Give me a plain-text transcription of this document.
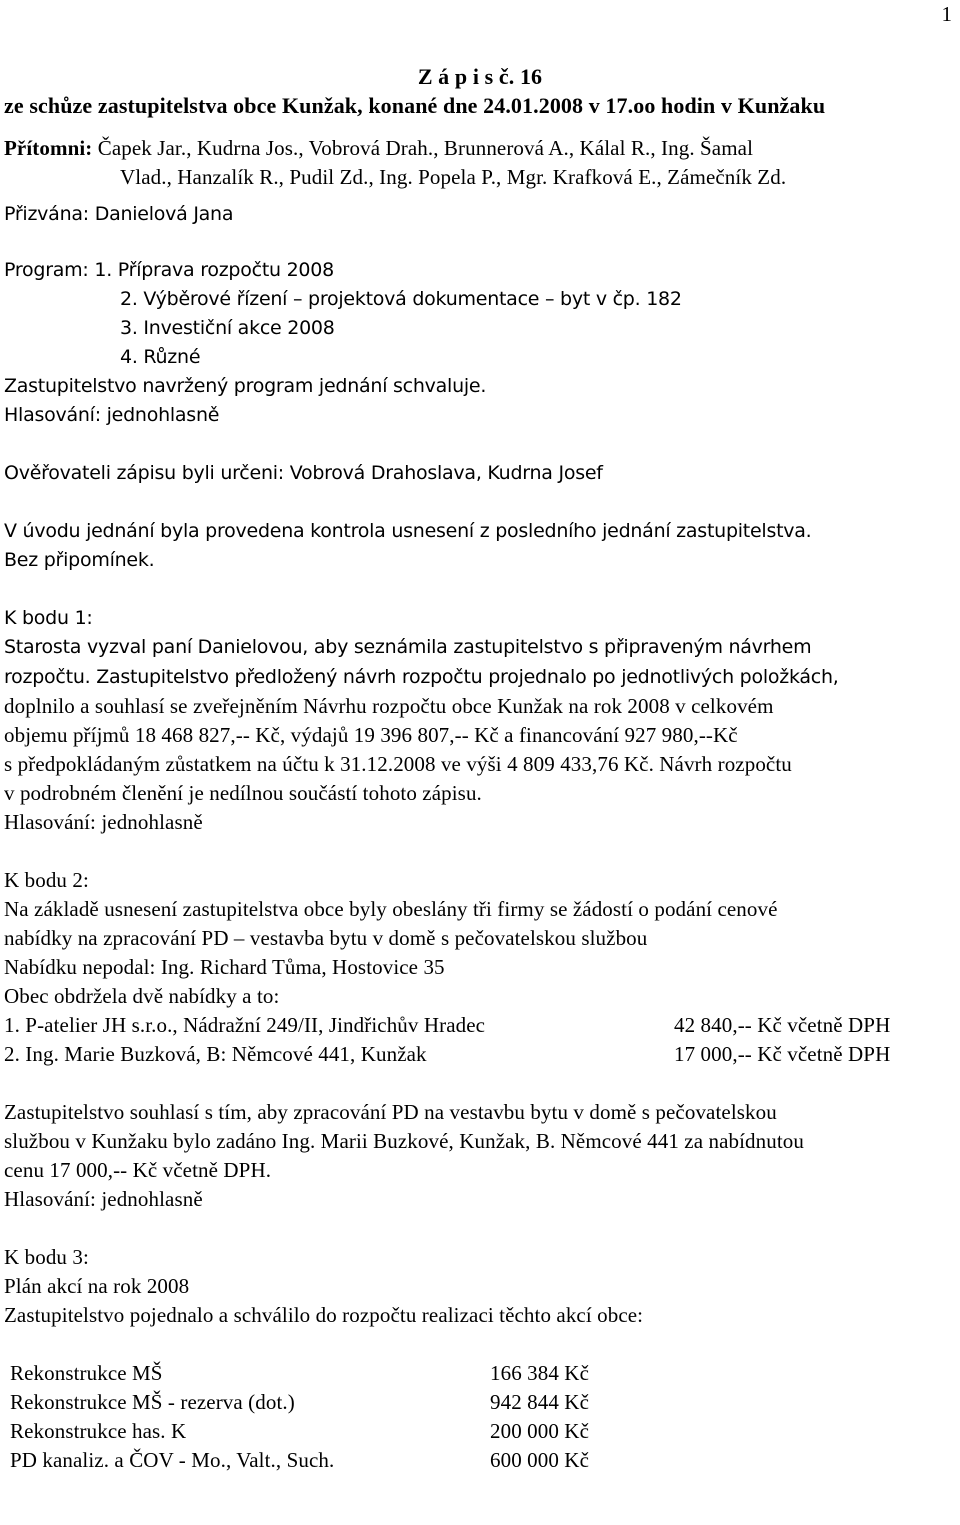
1

Z á p i s č. 16

ze schůze zastupitelstva obce Kunžak, konané dne 24.01.2008 v 17.oo hodin v Kunžaku

Přítomni: Čapek Jar., Kudrna Jos., Vobrová Drah., Brunnerová A., Kálal R., Ing. Šamal

Vlad., Hanzalík R., Pudil Zd., Ing. Popela P., Mgr. Krafková E., Zámečník Zd.

Přizvána: Danielová Jana

Program: 1. Příprava rozpočtu 2008

2. Výběrové řízení – projektová dokumentace – byt v čp. 182

3. Investiční akce 2008

4. Různé

Zastupitelstvo navržený program jednání schvaluje.

Hlasování: jednohlasně

Ověřovateli zápisu byli určeni: Vobrová Drahoslava, Kudrna Josef

V úvodu jednání byla provedena kontrola usnesení z posledního jednání zastupitelstva.

Bez připomínek.

K bodu 1:

Starosta vyzval paní Danielovou, aby seznámila zastupitelstvo s připraveným návrhem

rozpočtu. Zastupitelstvo předložený návrh rozpočtu projednalo po jednotlivých položkách,

doplnilo a souhlasí se zveřejněním Návrhu rozpočtu obce Kunžak na rok 2008 v celkovém

objemu příjmů 18 468 827,-- Kč, výdajů 19 396 807,-- Kč a financování 927 980,--Kč

s předpokládaným zůstatkem na účtu k 31.12.2008 ve výši 4 809 433,76 Kč. Návrh rozpočtu

v podrobném členění je nedílnou součástí tohoto zápisu.

Hlasování: jednohlasně

K bodu 2:

Na základě usnesení zastupitelstva obce byly obeslány tři firmy se žádostí o podání cenové

nabídky na zpracování PD – vestavba bytu v domě s pečovatelskou službou

Nabídku nepodal: Ing. Richard Tůma, Hostovice 35

Obec obdržela dvě nabídky a to:

1. P-atelier JH s.r.o., Nádražní 249/II, Jindřichův Hradec	42 840,-- Kč včetně DPH
2. Ing. Marie Buzková, B: Němcové 441, Kunžak	17 000,-- Kč včetně DPH

Zastupitelstvo souhlasí s tím, aby zpracování PD na vestavbu bytu v domě s pečovatelskou

službou v Kunžaku bylo zadáno Ing. Marii Buzkové, Kunžak, B. Němcové 441 za nabídnutou

cenu 17 000,-- Kč včetně DPH.

Hlasování: jednohlasně

K bodu 3:

Plán akcí na rok 2008

Zastupitelstvo pojednalo a schválilo do rozpočtu realizaci těchto akcí obce:

Rekonstrukce MŠ	166 384 Kč
Rekonstrukce MŠ - rezerva (dot.)	942 844 Kč
Rekonstrukce has. K	200 000 Kč
PD kanaliz. a ČOV - Mo., Valt., Such.	600 000 Kč
